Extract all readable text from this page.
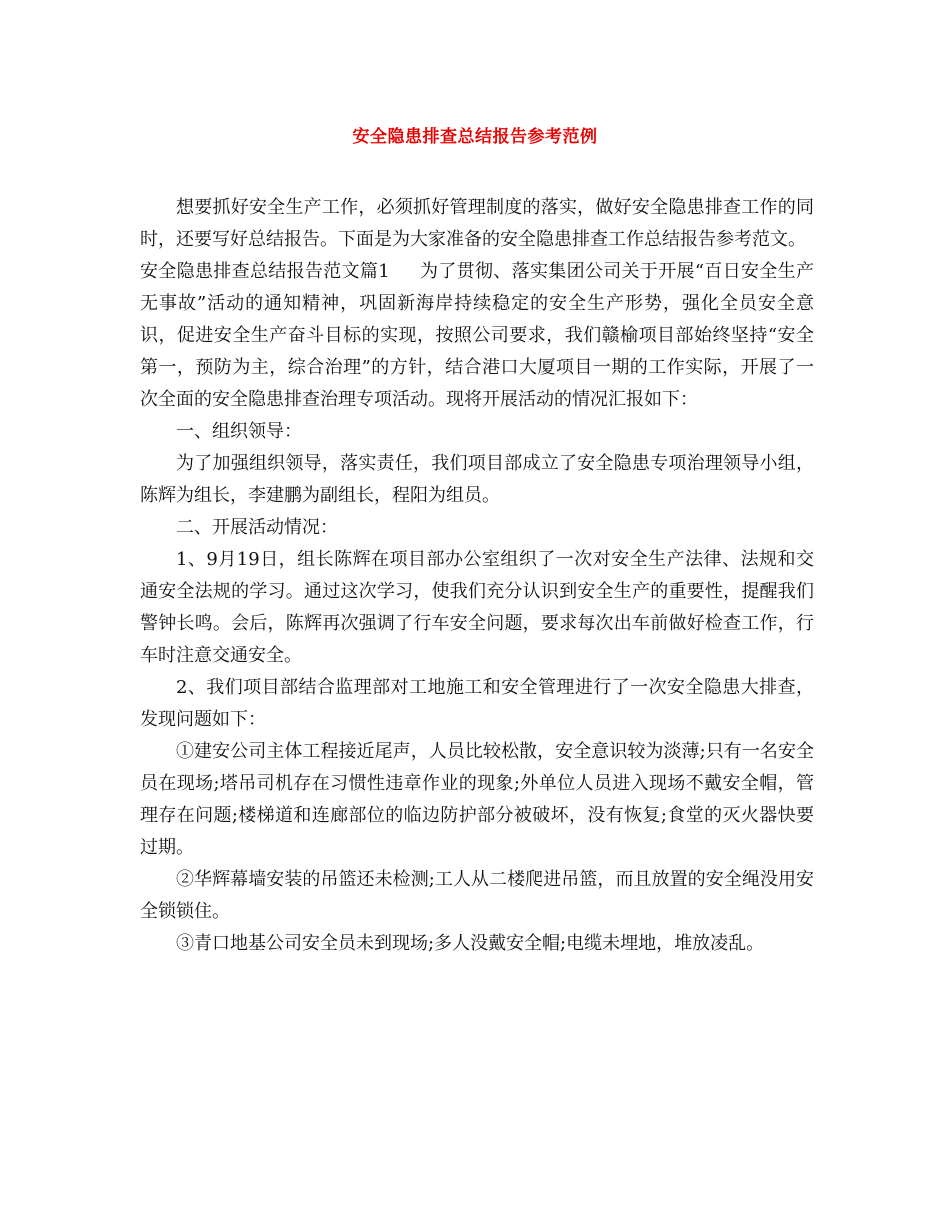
安全隐患排查总结报告参考范例

想要抓好安全生产工作，必须抓好管理制度的落实，做好安全隐患排查工作的同时，还要写好总结报告。下面是为大家准备的安全隐患排查工作总结报告参考范文。

安全隐患排查总结报告范文篇1 为了贯彻、落实集团公司关于开展“百日安全生产无事故”活动的通知精神，巩固新海岸持续稳定的安全生产形势，强化全员安全意识，促进安全生产奋斗目标的实现，按照公司要求，我们赣榆项目部始终坚持“安全第一，预防为主，综合治理”的方针，结合港口大厦项目一期的工作实际，开展了一次全面的安全隐患排查治理专项活动。现将开展活动的情况汇报如下：

一、组织领导：

为了加强组织领导，落实责任，我们项目部成立了安全隐患专项治理领导小组，陈辉为组长，李建鹏为副组长，程阳为组员。

二、开展活动情况：

1、9月19日，组长陈辉在项目部办公室组织了一次对安全生产法律、法规和交通安全法规的学习。通过这次学习，使我们充分认识到安全生产的重要性，提醒我们警钟长鸣。会后，陈辉再次强调了行车安全问题，要求每次出车前做好检查工作，行车时注意交通安全。

2、我们项目部结合监理部对工地施工和安全管理进行了一次安全隐患大排查，发现问题如下：

①建安公司主体工程接近尾声，人员比较松散，安全意识较为淡薄;只有一名安全员在现场;塔吊司机存在习惯性违章作业的现象;外单位人员进入现场不戴安全帽，管理存在问题;楼梯道和连廊部位的临边防护部分被破坏，没有恢复;食堂的灭火器快要过期。

②华辉幕墙安装的吊篮还未检测;工人从二楼爬进吊篮，而且放置的安全绳没用安全锁锁住。

③青口地基公司安全员未到现场;多人没戴安全帽;电缆未埋地，堆放凌乱。
